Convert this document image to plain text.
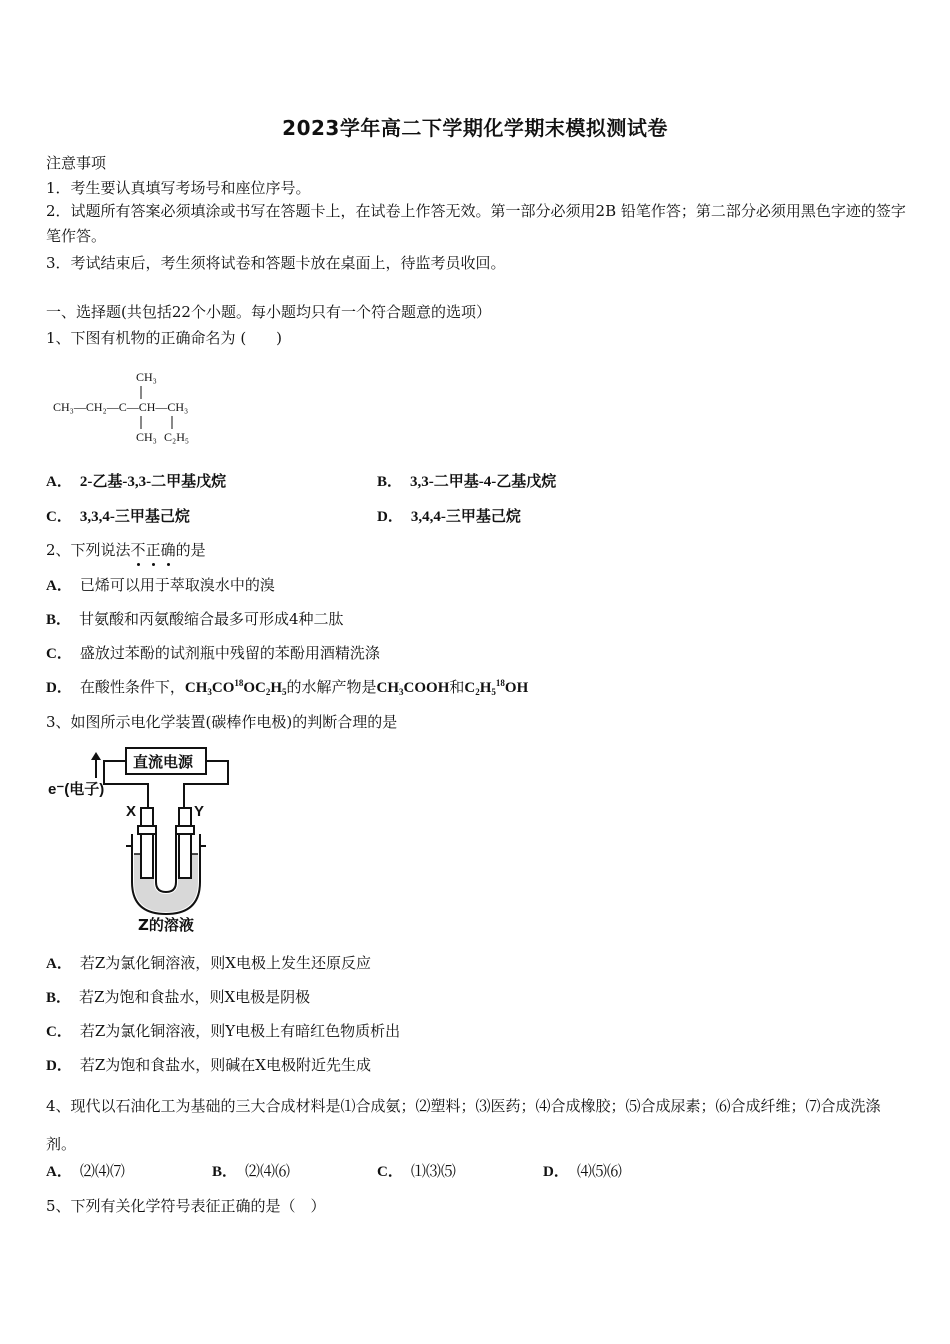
2023学年高二下学期化学期末模拟测试卷
注意事项
1．考生要认真填写考场号和座位序号。
2．试题所有答案必须填涂或书写在答题卡上，在试卷上作答无效。第一部分必须用2B 铅笔作答；第二部分必须用黑色字迹的签字笔作答。
3．考试结束后，考生须将试卷和答题卡放在桌面上，待监考员收回。
一、选择题(共包括22个小题。每小题均只有一个符合题意的选项）
1、下图有机物的正确命名为 (　　)
CH₃
CH₃—CH₂—C—CH—CH₃
CH₃ C₂H₅
A． 2-乙基-3,3-二甲基戊烷	B． 3,3-二甲基-4-乙基戊烷
C． 3,3,4-三甲基己烷	D． 3,4,4-三甲基己烷
2、下列说法不正确的是
A． 已烯可以用于萃取溴水中的溴
B． 甘氨酸和丙氨酸缩合最多可形成4种二肽
C． 盛放过苯酚的试剂瓶中残留的苯酚用酒精洗涤
D． 在酸性条件下，$CH_3CO^{18}OC_2H_5$的水解产物是$CH_3COOH$和$C_2H_5^{18}OH$
3、如图所示电化学装置(碳棒作电极)的判断合理的是
直流电源
e⁻(电子)
X	Y
Z的溶液
A． 若Z为氯化铜溶液，则X电极上发生还原反应
B． 若Z为饱和食盐水，则X电极是阴极
C． 若Z为氯化铜溶液，则Y电极上有暗红色物质析出
D． 若Z为饱和食盐水，则碱在X电极附近先生成
4、现代以石油化工为基础的三大合成材料是⑴合成氨；⑵塑料；⑶医药；⑷合成橡胶；⑸合成尿素；⑹合成纤维；⑺合成洗涤剂。
A． ⑵⑷⑺	B． ⑵⑷⑹	C． ⑴⑶⑸	D． ⑷⑸⑹
5、下列有关化学符号表征正确的是（　）
